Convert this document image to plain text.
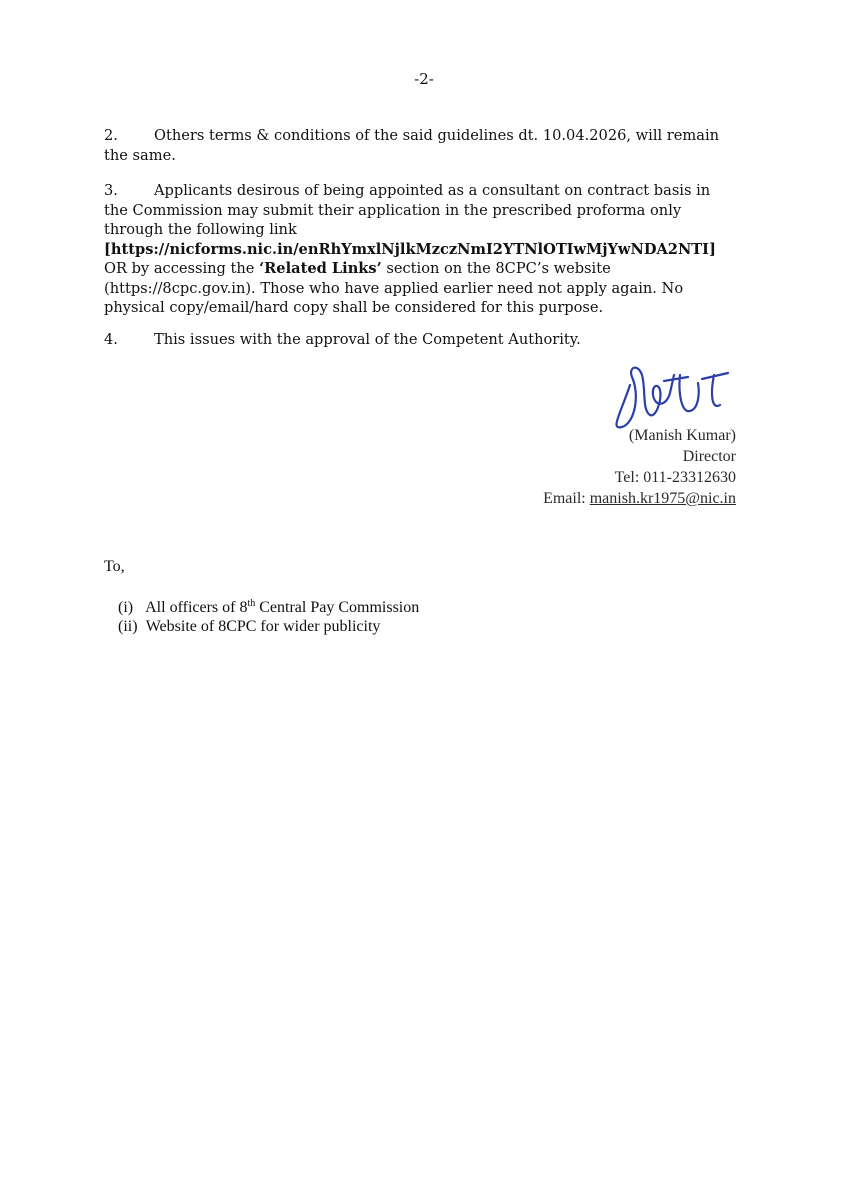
-2-
2. Others terms & conditions of the said guidelines dt. 10.04.2026, will remain
the same.
3. Applicants desirous of being appointed as a consultant on contract basis in
the Commission may submit their application in the prescribed proforma only
through the following link
[https://nicforms.nic.in/enRhYmxlNjlkMzczNmI2YTNlOTIwMjYwNDA2NTI]
OR by accessing the ‘Related Links’ section on the 8CPC’s website
(https://8cpc.gov.in). Those who have applied earlier need not apply again. No
physical copy/email/hard copy shall be considered for this purpose.
4. This issues with the approval of the Competent Authority.
(Manish Kumar)
Director
Tel: 011-23312630
Email: manish.kr1975@nic.in
To,
(i) All officers of 8th Central Pay Commission
(ii) Website of 8CPC for wider publicity
